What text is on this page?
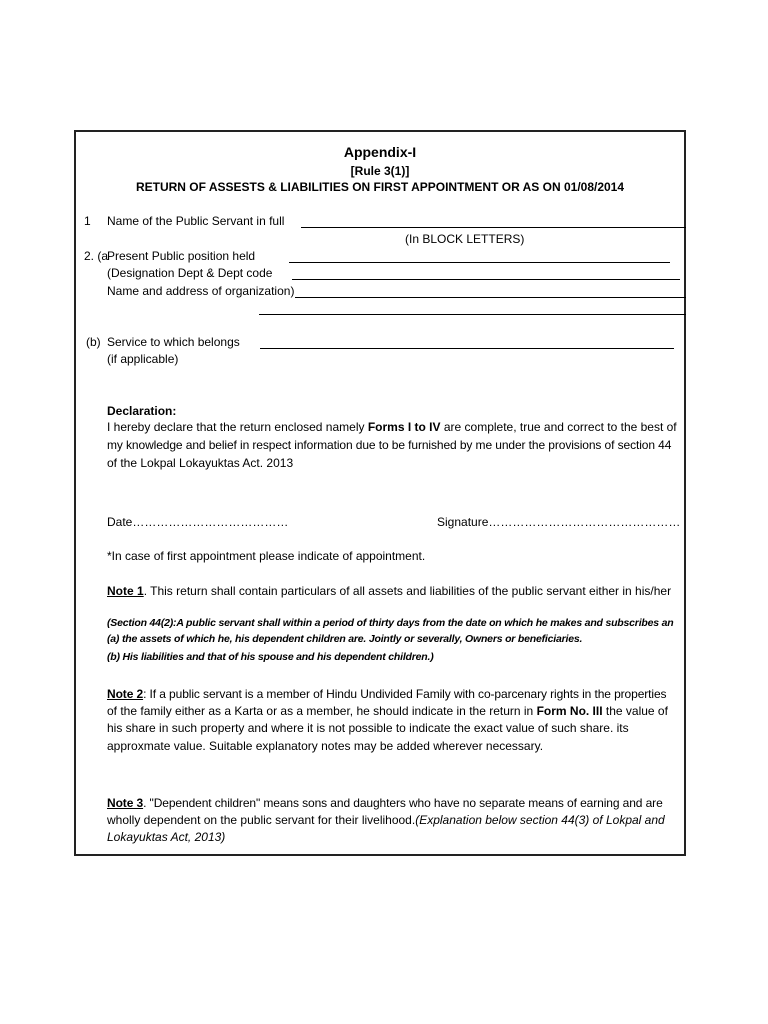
Appendix-I
[Rule 3(1)]
RETURN OF ASSESTS & LIABILITIES ON FIRST APPOINTMENT OR AS ON 01/08/2014
1 Name of the Public Servant in full
(In BLOCK LETTERS)
2. (a
Present Public position held
(Designation Dept & Dept code
Name and address of organization)
(b) Service to which belongs
(if applicable)
Declaration:
I hereby declare that the return enclosed namely Forms I to IV are complete, true and correct to the best of
my knowledge and belief in respect information due to be furnished by me under the provisions of section 44
of the Lokpal Lokayuktas Act. 2013
Date…………………………………	Signature…………………………………………
*In case of first appointment please indicate of appointment.
Note 1. This return shall contain particulars of all assets and liabilities of the public servant either in his/her
(Section 44(2):A public servant shall within a period of thirty days from the date on which he makes and subscribes an
(a) the assets of which he, his dependent children are. Jointly or severally, Owners or beneficiaries.
(b) His liabilities and that of his spouse and his dependent children.)
Note 2: If a public servant is a member of Hindu Undivided Family with co-parcenary rights in the properties
of the family either as a Karta or as a member, he should indicate in the return in Form No. III the value of
his share in such property and where it is not possible to indicate the exact value of such share. its
approxmate value. Suitable explanatory notes may be added wherever necessary.
Note 3. "Dependent children" means sons and daughters who have no separate means of earning and are
wholly dependent on the public servant for their livelihood.(Explanation below section 44(3) of Lokpal and
Lokayuktas Act, 2013)
